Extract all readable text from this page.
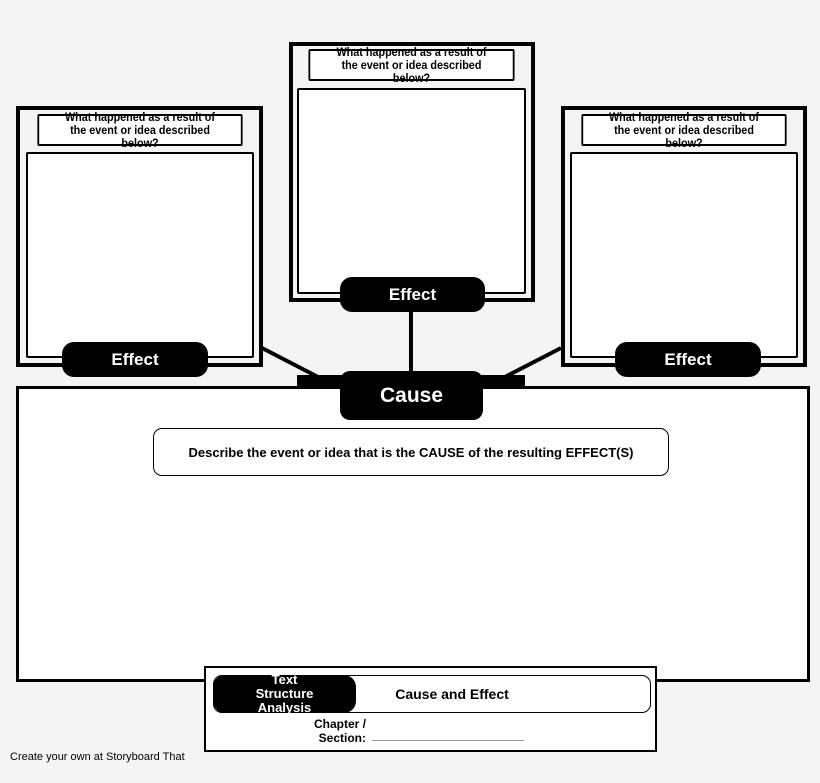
Cause
Describe the event or idea that is the CAUSE of the resulting EFFECT(S)
What happened as a result of the event or idea described below?
Effect
What happened as a result of the event or idea described below?
Effect
What happened as a result of the event or idea described below?
Effect
Text Structure Analysis
Cause and Effect
Chapter / Section:
Create your own at Storyboard That
